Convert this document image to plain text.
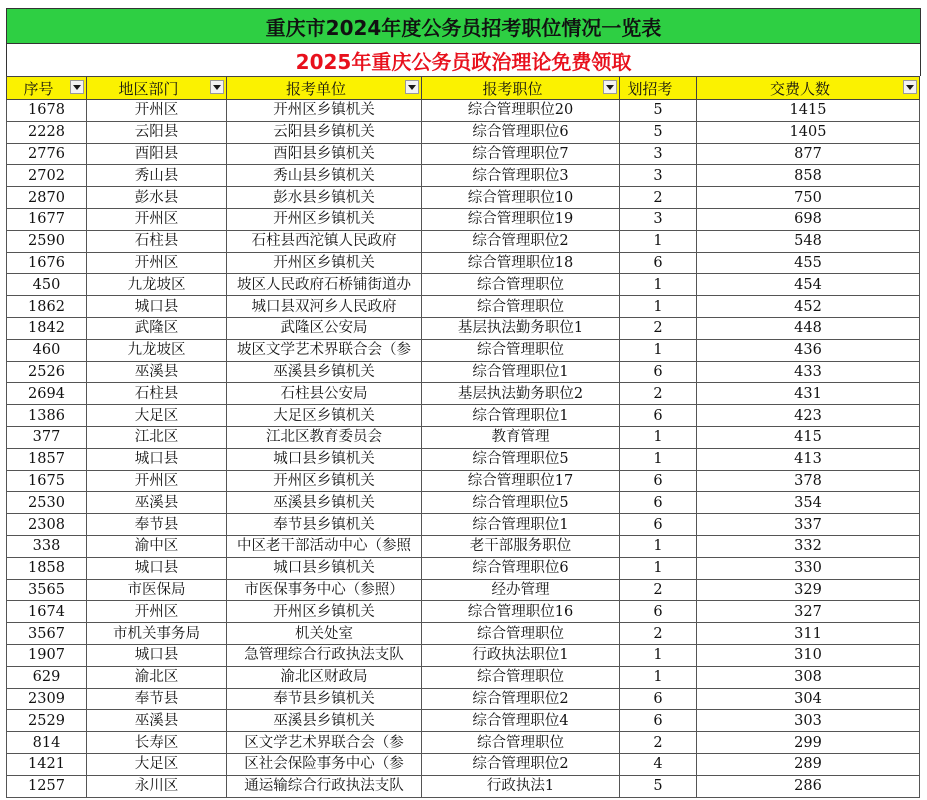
重庆市2024年度公务员招考职位情况一览表
2025年重庆公务员政治理论免费领取
序号	地区部门	报考单位	报考职位	划招考	交费人数

1678	开州区	开州区乡镇机关	综合管理职位20	5	1415
2228	云阳县	云阳县乡镇机关	综合管理职位6	5	1405
2776	酉阳县	酉阳县乡镇机关	综合管理职位7	3	877
2702	秀山县	秀山县乡镇机关	综合管理职位3	3	858
2870	彭水县	彭水县乡镇机关	综合管理职位10	2	750
1677	开州区	开州区乡镇机关	综合管理职位19	3	698
2590	石柱县	石柱县西沱镇人民政府	综合管理职位2	1	548
1676	开州区	开州区乡镇机关	综合管理职位18	6	455
450	九龙坡区	坡区人民政府石桥铺街道办	综合管理职位	1	454
1862	城口县	城口县双河乡人民政府	综合管理职位	1	452
1842	武隆区	武隆区公安局	基层执法勤务职位1	2	448
460	九龙坡区	坡区文学艺术界联合会（参	综合管理职位	1	436
2526	巫溪县	巫溪县乡镇机关	综合管理职位1	6	433
2694	石柱县	石柱县公安局	基层执法勤务职位2	2	431
1386	大足区	大足区乡镇机关	综合管理职位1	6	423
377	江北区	江北区教育委员会	教育管理	1	415
1857	城口县	城口县乡镇机关	综合管理职位5	1	413
1675	开州区	开州区乡镇机关	综合管理职位17	6	378
2530	巫溪县	巫溪县乡镇机关	综合管理职位5	6	354
2308	奉节县	奉节县乡镇机关	综合管理职位1	6	337
338	渝中区	中区老干部活动中心（参照	老干部服务职位	1	332
1858	城口县	城口县乡镇机关	综合管理职位6	1	330
3565	市医保局	市医保事务中心（参照）	经办管理	2	329
1674	开州区	开州区乡镇机关	综合管理职位16	6	327
3567	市机关事务局	机关处室	综合管理职位	2	311
1907	城口县	急管理综合行政执法支队	行政执法职位1	1	310
629	渝北区	渝北区财政局	综合管理职位	1	308
2309	奉节县	奉节县乡镇机关	综合管理职位2	6	304
2529	巫溪县	巫溪县乡镇机关	综合管理职位4	6	303
814	长寿区	区文学艺术界联合会（参	综合管理职位	2	299
1421	大足区	区社会保险事务中心（参	综合管理职位2	4	289
1257	永川区	通运输综合行政执法支队	行政执法1	5	286
